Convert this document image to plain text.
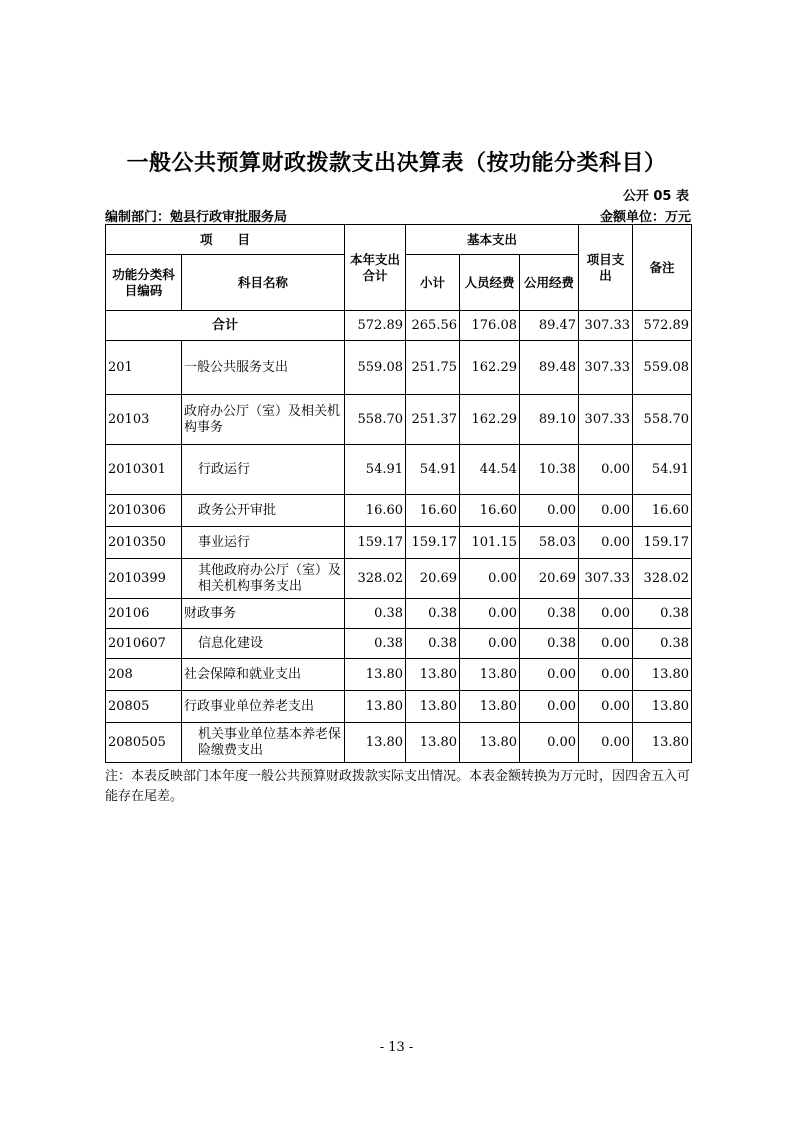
一般公共预算财政拨款支出决算表（按功能分类科目）
公开 05 表
编制部门：勉县行政审批服务局	金额单位：万元
项　　目		本年支出合计	基本支出			项目支出	备注
功能分类科目编码	科目名称		小计	人员经费	公用经费		
合计		572.89	265.56	176.08	89.47	307.33	572.89
201	一般公共服务支出	559.08	251.75	162.29	89.48	307.33	559.08
20103	政府办公厅（室）及相关机构事务	558.70	251.37	162.29	89.10	307.33	558.70
2010301	行政运行	54.91	54.91	44.54	10.38	0.00	54.91
2010306	政务公开审批	16.60	16.60	16.60	0.00	0.00	16.60
2010350	事业运行	159.17	159.17	101.15	58.03	0.00	159.17
2010399	其他政府办公厅（室）及相关机构事务支出	328.02	20.69	0.00	20.69	307.33	328.02
20106	财政事务	0.38	0.38	0.00	0.38	0.00	0.38
2010607	信息化建设	0.38	0.38	0.00	0.38	0.00	0.38
208	社会保障和就业支出	13.80	13.80	13.80	0.00	0.00	13.80
20805	行政事业单位养老支出	13.80	13.80	13.80	0.00	0.00	13.80
2080505	机关事业单位基本养老保险缴费支出	13.80	13.80	13.80	0.00	0.00	13.80
注：本表反映部门本年度一般公共预算财政拨款实际支出情况。本表金额转换为万元时，因四舍五入可能存在尾差。
- 13 -
